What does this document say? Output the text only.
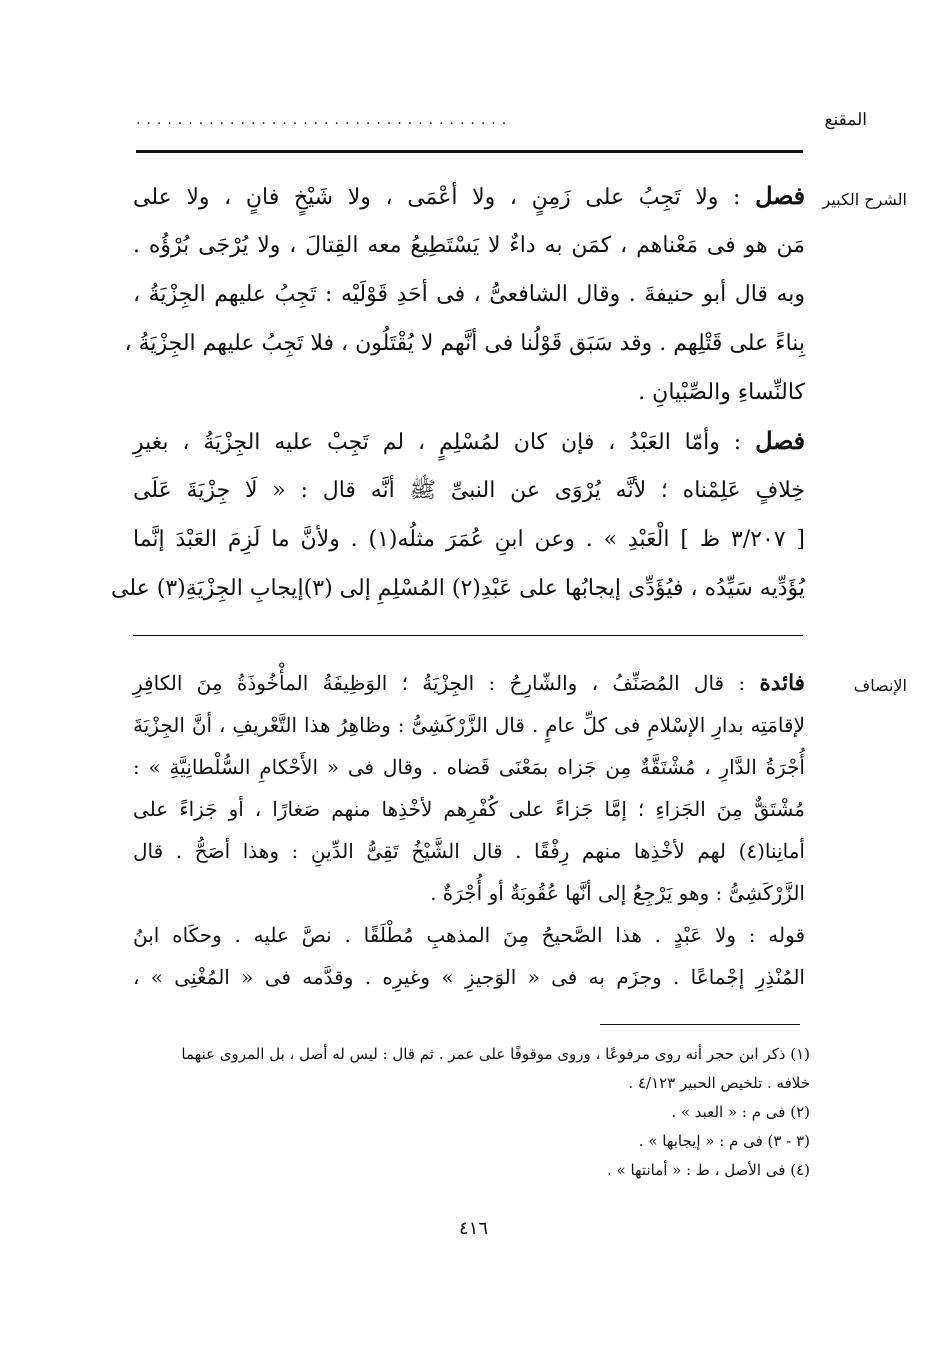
المقنع
....................................
الشرح الكبير
فصل : ولا تَجِبُ على زَمِنٍ ، ولا أعْمَى ، ولا شَيْخٍ فانٍ ، ولا على
مَن هو فى مَعْناهم ، كمَن به داءٌ لا يَسْتَطِيعُ معه القِتالَ ، ولا يُرْجَى بُرْؤُه .
وبه قال أبو حنيفةَ . وقال الشافعىُّ ، فى أحَدِ قَوْلَيْه : تَجِبُ عليهم الجِزْيَةُ ،
بِناءً على قَتْلِهم . وقد سَبَق قَوْلُنا فى أنَّهم لا يُقْتَلُون ، فلا تَجِبُ عليهم الجِزْيَةُ ،
كالنِّساءِ والصِّبْيانِ .
فصل : وأمّا العَبْدُ ، فإن كان لمُسْلِمٍ ، لم تَجِبْ عليه الجِزْيَةُ ، بغيرِ
خِلافٍ عَلِمْناه ؛ لأنَّه يُرْوَى عن النبىِّ ﷺ أنَّه قال : « لَا جِزْيَةَ عَلَى
[ ٣/٢٠٧ ظ ] الْعَبْدِ » . وعن ابنِ عُمَرَ مثلُه(١) . ولأنَّ ما لَزِمَ العَبْدَ إنَّما
يُؤَدِّيه سَيِّدُه ، فيُؤَدِّى إيجابُها على عَبْدِ(٢) المُسْلِمِ إلى (٣)إيجابِ الجِزْيَةِ(٣) على
الإنصاف
فائدة : قال المُصَنِّفُ ، والشّارِحُ : الجِزْيَةُ ؛ الوَظِيفَةُ المأْخُوذَةُ مِنَ الكافِرِ
لإقامَتِه بدارِ الإسْلامِ فى كلِّ عامٍ . قال الزَّرْكَشِىُّ : وظاهِرُ هذا التَّعْريفِ ، أنَّ الجِزْيَةَ
أُجْرَةُ الدَّارِ ، مُشْتَقَّةٌ مِن جَزاه بمَعْنَى قَضاه . وقال فى « الأَحْكامِ السُّلْطانِيَّةِ » :
مُشْتَقٌّ مِنَ الجَزاءِ ؛ إمَّا جَزاءً على كُفْرِهم لأخْذِها منهم صَغارًا ، أو جَزاءً على
أمانِنا(٤) لهم لأخْذِها منهم رِفْقًا . قال الشَّيْخُ تَقِىُّ الدِّينِ : وهذا أصَحُّ . قال
الزَّرْكَشِىُّ : وهو يَرْجِعُ إلى أنَّها عُقُوبَةٌ أو أُجْرَةٌ .
قوله : ولا عَبْدٍ . هذا الصَّحيحُ مِنَ المذهبِ مُطْلَقًا . نصَّ عليه . وحكَاه ابنُ
المُنْذِرِ إجْماعًا . وجزَم به فى « الوَجيزِ » وغيرِه . وقدَّمه فى « المُغْنِى » ،
(١) ذكر ابن حجر أنه روى مرفوعًا ، وروى موقوفًا على عمر . ثم قال : ليس له أصل ، بل المروى عنهما
خلافه . تلخيص الحبير ٤/١٢٣ .
(٢) فى م : « العبد » .
(٣ - ٣) فى م : « إيجابها » .
(٤) فى الأصل ، ط : « أمانتها » .
٤١٦
